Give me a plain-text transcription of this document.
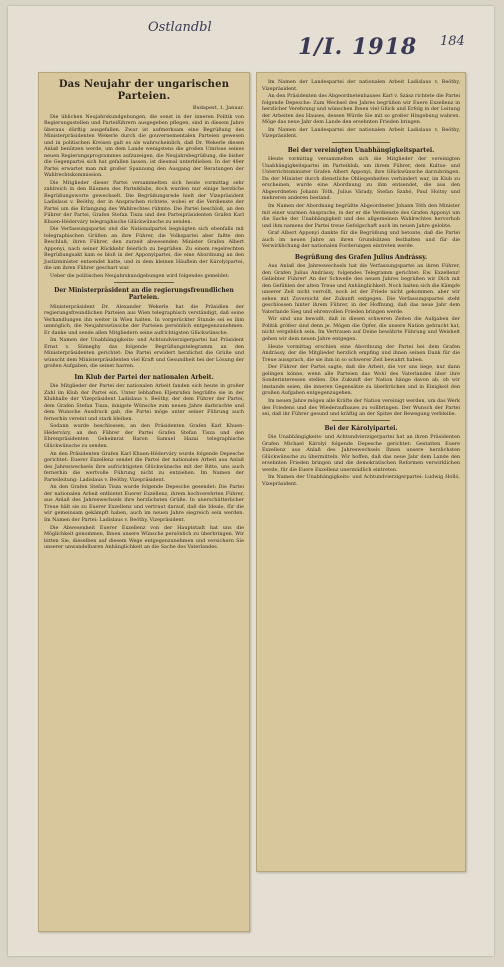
Ostlandbl
1/I. 1918 184
Das Neujahr der ungarischen Parteien.
Budapest, 1. Januar.

Die üblichen Neujahrskundgebungen, die sonst in der inneren Politik von Regierungsstellen und Parteiführern ausgegeben pflegen, sind in diesem Jahre überaus dürftig ausgefallen. Zwar ist aufmerksam eine Begrüßung des Ministerpräsidenten Wekerle durch die gouvernementalen Parteien gewesen und in politischen Kreisen galt es als wahrscheinlich, daß Dr. Wekerle diesen Anlaß benützen werde, um dem Lande wenigstens die großen Umrisse seines neuen Regierungsprogrammes aufzuzeigen, die Neujahrsbegrüßung, die bisher die Gegenpartei sich hat gefallen lassen, ist diesmal unterblieben. In der 48er Partei erwartet man mit großer Spannung den Ausgang der Beratungen der Wahlrechtskommission.

Die Mitglieder dieser Partei versammelten sich heute vormittag sehr zahlreich in den Räumen des Parteiklubs, doch wurden nur einige herzliche Begrüßungsworte gewechselt. Die Begrüßungsrede hielt der Vizepräsident Ladislaus v. Beöthy, der in Ansprachen richtete, wobei er die Verdienste der Partei um die Erlangung des Wahlrechtes rühmte. Die Partei beschloß, an den Führer der Partei, Grafen Stefan Tisza und den Parteipräsidenten Grafen Karl Khuen-Héderváry telegraphische Glückwünsche zu senden.

Die Verfassungspartei und die Nationalpartei begnügten sich ebenfalls mit telegraphischen Grüßen an ihre Führer, die Volkspartei aber faßte den Beschluß, ihren Führer, den zurzeit abwesenden Minister Grafen Albert Apponyi, nach seiner Rückkehr feierlich zu begrüßen. Zu einem regelrechten Begrüßungsakt kam es bloß in der Apponyipartei, die eine Abordnung an den Justizminister entsendet hatte, und in dem kleinen Häuflein der Károlyipartei, die um ihren Führer geschart war.

Ueber die politischen Neujahrskundgebungen wird folgendes gemeldet:

Der Ministerpräsident an die regierungsfreundlichen Parteien.

Ministerpräsident Dr. Alexander Wekerle hat die Präsidien der regierungsfreundlichen Parteien aus Wien telegraphisch verständigt, daß seine Verhandlungen ihn weiter in Wien halten. In vorgerückter Stunde sei es ihm unmöglich, die Neujahrswünsche der Parteien persönlich entgegenzunehmen. Er danke und sende allen Mitgliedern seine aufrichtigsten Glückwünsche.

Im Namen der Unabhängigkeits- und Achtundvierzigerpartei hat Präsident Ernst v. Sümeghy das folgende Begrüßungstelegramm an den Ministerpräsidenten gerichtet: Die Partei erwidert herzlichst die Grüße und wünscht dem Ministerpräsidenten viel Kraft und Gesundheit bei der Lösung der großen Aufgaben, die seiner harren.

Im Klub der Partei der nationalen Arbeit.

Die Mitglieder der Partei der nationalen Arbeit fanden sich heute in großer Zahl im Klub der Partei ein. Unter lebhaften Eljenrufen begrüßte sie in der Klubhalle der Vizepräsident Ladislaus v. Beöthy, der dem Führer der Partei, dem Grafen Stefan Tisza, innigste Wünsche zum neuen Jahre darbrachte und dem Wunsche Ausdruck gab, die Partei möge unter seiner Führung auch fernerhin vereint und stark bleiben.

Sodann wurde beschlossen, an den Präsidenten Grafen Karl Khuen-Héderváry, an den Führer der Partei Grafen Stefan Tisza und den Ehrenpräsidenten Geheimrat Baron Samuel Hazai telegraphische Glückwünsche zu senden.

An den Präsidenten Grafen Karl Khuen-Héderváry wurde folgende Depesche gerichtet: Euerer Exzellenz sendet die Partei der nationalen Arbeit aus Anlaß des Jahreswechsels ihre aufrichtigsten Glückwünsche mit der Bitte, uns auch fernerhin die wertvolle Führung nicht zu entziehen. Im Namen der Parteileitung: Ladislaus v. Beöthy, Vizepräsident.

An den Grafen Stefan Tisza wurde folgende Depesche gesendet: Die Partei der nationalen Arbeit entbietet Euerer Exzellenz, ihrem hochverehrten Führer, aus Anlaß des Jahreswechsels ihre herzlichsten Grüße. In unerschütterlicher Treue hält sie zu Euerer Exzellenz und vertraut darauf, daß die Ideale, für die wir gemeinsam gekämpft haben, auch im neuen Jahre siegreich sein werden. Im Namen der Partei: Ladislaus v. Beöthy, Vizepräsident.

Die Abwesenheit Euerer Exzellenz von der Hauptstadt hat uns die Möglichkeit genommen, Ihnen unsere Wünsche persönlich zu überbringen. Wir bitten Sie, dieselben auf diesem Wege entgegenzunehmen und versichern Sie unserer unwandelbaren Anhänglichkeit an die Sache des Vaterlandes.

Im Namen der Landespartei der nationalen Arbeit Ladislaus v. Beöthy, Vizepräsident.

An den Präsidenten des Abgeordnetenhauses Karl v. Szász richtete die Partei folgende Depesche: Zum Wechsel des Jahres begrüßen wir Euere Exzellenz in herzlicher Verehrung und wünschen Ihnen viel Glück und Erfolg in der Leitung der Arbeiten des Hauses, dessen Würde Sie mit so großer Hingebung wahren. Möge das neue Jahr dem Lande den ersehnten Frieden bringen.

Im Namen der Landespartei der nationalen Arbeit Ladislaus v. Beöthy, Vizepräsident.

Bei der vereinigten Unabhängigkeitspartei.

Heute vormittag versammelten sich die Mitglieder der vereinigten Unabhängigkeitspartei im Parteiklub, um ihrem Führer, dem Kultus- und Unterrichtsminister Grafen Albert Apponyi, ihre Glückwünsche darzubringen. Da der Minister durch dienstliche Obliegenheiten verhindert war, im Klub zu erscheinen, wurde eine Abordnung zu ihm entsendet, die aus den Abgeordneten Johann Tóth, Julius Várady, Stefan Szabó, Paul Hoitsy und mehreren anderen bestand.

Im Namen der Abordnung begrüßte Abgeordneter Johann Tóth den Minister mit einer warmen Ansprache, in der er die Verdienste des Grafen Apponyi um die Sache der Unabhängigkeit und des allgemeinen Wahlrechtes hervorhob und ihm namens der Partei treue Gefolgschaft auch im neuen Jahre gelobte.

Graf Albert Apponyi dankte für die Begrüßung und betonte, daß die Partei auch im neuen Jahre an ihren Grundsätzen festhalten und für die Verwirklichung der nationalen Forderungen eintreten werde.

Begrüßung des Grafen Julius Andrássy.

Aus Anlaß des Jahreswechsels hat die Verfassungspartei an ihren Führer, den Grafen Julius Andrássy, folgendes Telegramm gerichtet: Ew. Exzellenz! Geliebter Führer! An der Schwelle des neuen Jahres begrüßen wir Dich mit den Gefühlen der alten Treue und Anhänglichkeit. Noch halten sich die Kämpfe unserer Zeit nicht verrollt, noch ist der Friede nicht gekommen, aber wir sehen mit Zuversicht der Zukunft entgegen. Die Verfassungspartei steht geschlossen hinter ihrem Führer, in der Hoffnung, daß das neue Jahr dem Vaterlande Sieg und ehrenvollen Frieden bringen werde.

Wir sind uns bewußt, daß in diesen schweren Zeiten die Aufgaben der Politik größer sind denn je. Mögen die Opfer, die unsere Nation gebracht hat, nicht vergeblich sein. Im Vertrauen auf Deine bewährte Führung und Weisheit gehen wir dem neuen Jahre entgegen.

Heute vormittag erschien eine Abordnung der Partei bei dem Grafen Andrássy, der die Mitglieder herzlich empfing und ihnen seinen Dank für die Treue aussprach, die sie ihm in so schwerer Zeit bewahrt haben.

Der Führer der Partei sagte, daß die Arbeit, die vor uns liege, nur dann gelingen könne, wenn alle Parteien das Wohl des Vaterlandes über ihre Sonderinteressen stellen. Die Zukunft der Nation hänge davon ab, ob wir imstande seien, die inneren Gegensätze zu überbrücken und in Einigkeit den großen Aufgaben entgegenzugehen.

Im neuen Jahre mögen alle Kräfte der Nation vereinigt werden, um das Werk des Friedens und des Wiederaufbaues zu vollbringen. Der Wunsch der Partei sei, daß ihr Führer gesund und kräftig an der Spitze der Bewegung verbleibe.

Bei der Károlyipartei.

Die Unabhängigkeits- und Achtundvierzigerpartei hat an ihren Präsidenten Grafen Michael Károlyi folgende Depesche gerichtet: Gestatten Euere Exzellenz aus Anlaß des Jahreswechsels Ihnen unsere herzlichsten Glückwünsche zu übermitteln. Wir hoffen, daß das neue Jahr dem Lande den ersehnten Frieden bringen und die demokratischen Reformen verwirklichen werde, für die Euere Exzellenz unermüdlich eintreten.

Im Namen der Unabhängigkeits- und Achtundvierzigerpartei: Ludwig Holló, Vizepräsident.
